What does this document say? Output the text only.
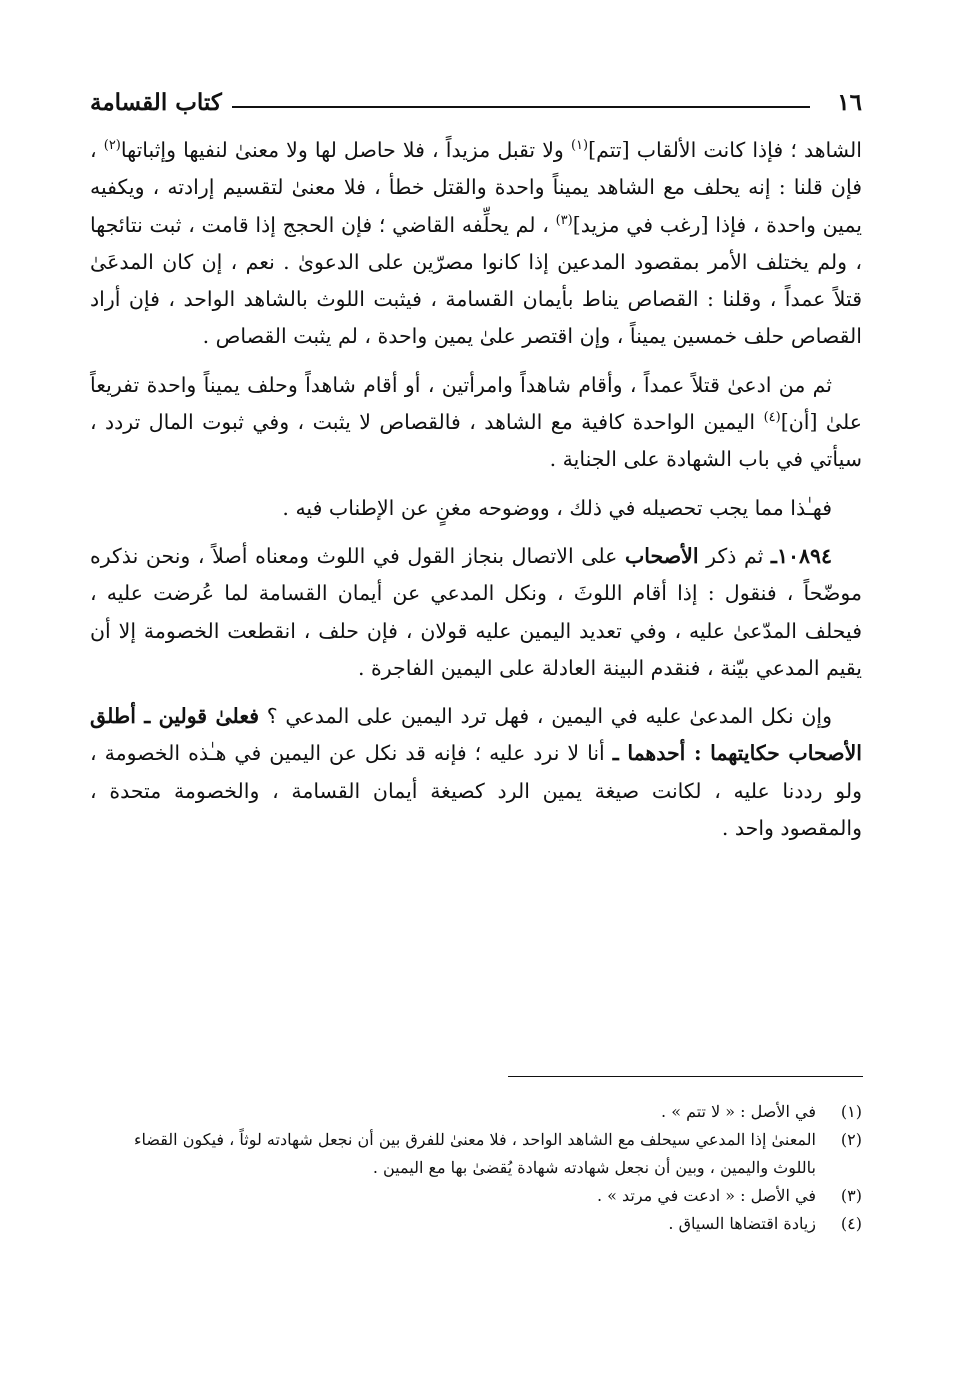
١٦
كتاب القسامة

الشاهد ؛ فإذا كانت الألقاب [تتم]$^{(١)}$ ولا تقبل مزيداً ، فلا حاصل لها ولا معنىٰ لنفيها وإثباتها$^{(٢)}$ ، فإن قلنا : إنه يحلف مع الشاهد يميناً واحدة والقتل خطأ ، فلا معنىٰ لتقسيم إرادته ، ويكفيه يمين واحدة ، فإذا [رغب في مزيد]$^{(٣)}$ ، لم يحلِّفه القاضي ؛ فإن الحجج إذا قامت ، ثبت نتائجها ، ولم يختلف الأمر بمقصود المدعين إذا كانوا مصرّين على الدعوىٰ . نعم ، إن كان المدعَىٰ قتلاً عمداً ، وقلنا : القصاص يناط بأيمان القسامة ، فيثبت اللوث بالشاهد الواحد ، فإن أراد القصاص حلف خمسين يميناً ، وإن اقتصر علىٰ يمين واحدة ، لم يثبت القصاص .

ثم من ادعىٰ قتلاً عمداً ، وأقام شاهداً وامرأتين ، أو أقام شاهداً وحلف يميناً واحدة تفريعاً علىٰ [أن]$^{(٤)}$ اليمين الواحدة كافية مع الشاهد ، فالقصاص لا يثبت ، وفي ثبوت المال تردد ، سيأتي في باب الشهادة على الجناية .

فهـٰذا مما يجب تحصيله في ذلك ، ووضوحه مغنٍ عن الإطناب فيه .

١٠٨٩٤ـ ثم ذكر الأصحاب على الاتصال بنجاز القول في اللوث ومعناه أصلاً ، ونحن نذكره موضّحاً ، فنقول : إذا أقام اللوثَ ، ونكل المدعي عن أيمان القسامة لما عُرضت عليه ، فيحلف المدّعىٰ عليه ، وفي تعديد اليمين عليه قولان ، فإن حلف ، انقطعت الخصومة إلا أن يقيم المدعي بيّنة ، فنقدم البينة العادلة على اليمين الفاجرة .

وإن نكل المدعىٰ عليه في اليمين ، فهل ترد اليمين على المدعي ؟ فعلىٰ قولين ـ أطلق الأصحاب حكايتهما : أحدهما ـ أنا لا نرد عليه ؛ فإنه قد نكل عن اليمين في هـٰذه الخصومة ، ولو رددنا عليه ، لكانت صيغة يمين الرد كصيغة أيمان القسامة ، والخصومة متحدة ، والمقصود واحد .

(١)
في الأصل : « لا تتم » .
(٢)
المعنىٰ إذا المدعي سيحلف مع الشاهد الواحد ، فلا معنىٰ للفرق بين أن نجعل شهادته لوثاً ، فيكون القضاء باللوث واليمين ، وبين أن نجعل شهادته شهادة يُقضىٰ بها مع اليمين .
(٣)
في الأصل : « ادعت في مرتد » .
(٤)
زيادة اقتضاها السياق .
